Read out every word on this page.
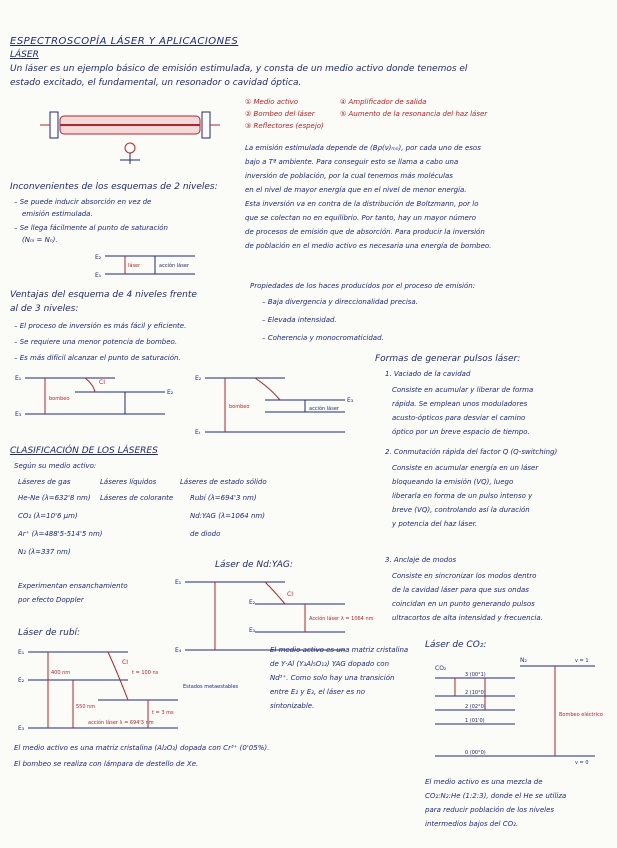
ESPECTROSCOPÍA LÁSER Y APLICACIONES
LÁSER
Un láser es un ejemplo básico de emisión estimulada, y consta de un medio activo donde tenemos el
estado excitado, el fundamental, un resonador o cavidad óptica.
① Medio activo
② Bombeo del láser
③ Reflectores (espejo)
④ Amplificador de salida
⑤ Aumento de la resonancia del haz láser
La emisión estimulada depende de (Bρ(ν)ₘₙ), por cada uno de esos
bajo a Tª ambiente. Para conseguir esto se llama a cabo una
inversión de población, por la cual tenemos más moléculas
en el nivel de mayor energía que en el nivel de menor energía.
Esta inversión va en contra de la distribución de Boltzmann, por lo
que se colectan no en equilibrio. Por tanto, hay un mayor número
de procesos de emisión que de absorción. Para producir la inversión
de población en el medio activo es necesaria una energía de bombeo.
Inconvenientes de los esquemas de 2 niveles:
– Se puede inducir absorción en vez de
emisión estimulada.
– Se llega fácilmente al punto de saturación
(Nₘ = Nₙ).
E₂
E₁
láser	acción láser
Propiedades de los haces producidos por el proceso de emisión:
– Baja divergencia y direccionalidad precisa.
– Elevada intensidad.
– Coherencia y monocromaticidad.
Ventajas del esquema de 4 niveles frente
al de 3 niveles:
– El proceso de inversión es más fácil y eficiente.
– Se requiere una menor potencia de bombeo.
– Es más difícil alcanzar el punto de saturación.
E₁
E₂
E₃
CI
bombeo
E₂
E₃
Eₜ
bombeo	acción láser
Formas de generar pulsos láser:
1. Vaciado de la cavidad
Consiste en acumular y liberar de forma
rápida. Se emplean unos moduladores
acusto-ópticos para desviar el camino
óptico por un breve espacio de tiempo.
2. Conmutación rápida del factor Q (Q-switching)
Consiste en acumular energía en un láser
bloqueando la emisión (VQ), luego
liberarla en forma de un pulso intenso y
breve (VQ), controlando así la duración
y potencia del haz láser.
3. Anclaje de modos
Consiste en sincronizar los modos dentro
de la cavidad láser para que sus ondas
coincidan en un punto generando pulsos
ultracortos de alta intensidad y frecuencia.
CLASIFICACIÓN DE LOS LÁSERES
Según su medio activo:
Láseres de gas
He-Ne (λ=632'8 nm)
CO₂ (λ=10'6 μm)
Ar⁺ (λ=488'5-514'5 nm)
N₂ (λ=337 nm)
Láseres líquidos
Láseres de colorante
Láseres de estado sólido
Rubí (λ=694'3 nm)
Nd:YAG (λ=1064 nm)
de diodo
Experimentan ensanchamiento
por efecto Doppler
Láser de rubí:
E₁
E₂
E₃
400 nm
550 nm
CI
t = 100 ns
t = 3 ms
acción láser λ = 694'3 nm
Estados metaestables
El medio activo es una matriz cristalina (Al₂O₃) dopada con Cr³⁺ (0'05%).
El bombeo se realiza con lámpara de destello de Xe.
Láser de Nd:YAG:
E₁
E₂
E₃
E₄
CI
Acción láser λ = 1064 nm
El medio activo es una matriz cristalina
de Y·Al (Y₃Al₅O₁₂) YAG dopado con
Nd³⁺. Como solo hay una transición
entre E₂ y E₃, el láser es no
sintonizable.
Láser de CO₂:
N₂
CO₂
v = 1
v = 0
Bombeo eléctrico
3 (00°1)
2 (10°0)
2 (02°0)
1 (01'0)
0 (00°0)
El medio activo es una mezcla de
CO₂:N₂:He (1:2:3), donde el He se utiliza
para reducir población de los niveles
intermedios bajos del CO₂.
